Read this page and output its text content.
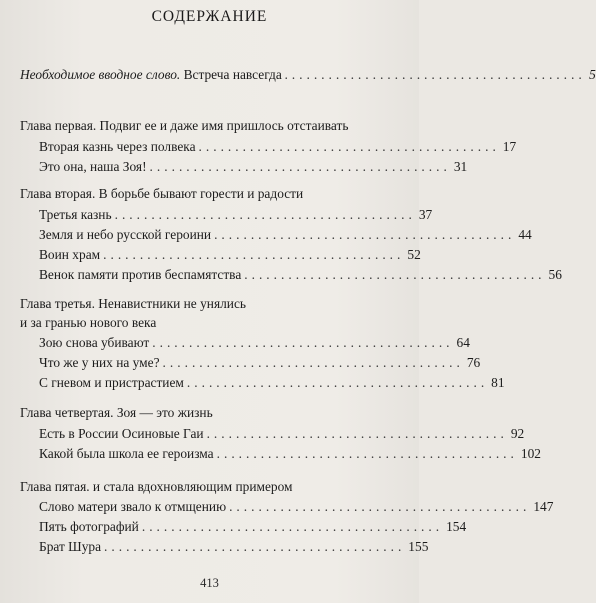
СОДЕРЖАНИЕ
Необходимое вводное слово. Встреча навсегда ......................................... 5
Глава первая. Подвиг ее и даже имя пришлось отстаивать
Вторая казнь через полвека ......................................... 17
Это она, наша Зоя! ......................................... 31
Глава вторая. В борьбе бывают горести и радости
Третья казнь ......................................... 37
Земля и небо русской героини ......................................... 44
Воин храм ......................................... 52
Венок памяти против беспамятства ......................................... 56
Глава третья. Ненавистники не унялись
и за гранью нового века
Зою снова убивают ......................................... 64
Что же у них на уме? ......................................... 76
С гневом и пристрастием ......................................... 81
Глава четвертая. Зоя — это жизнь
Есть в России Осиновые Гаи ......................................... 92
Какой была школа ее героизма ......................................... 102
Глава пятая. и стала вдохновляющим примером
Слово матери звало к отмщению ......................................... 147
Пять фотографий ......................................... 154
Брат Шура ......................................... 155
413
